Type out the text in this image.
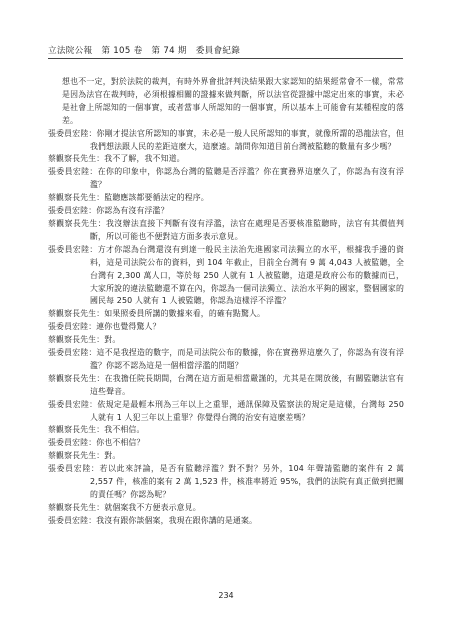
立法院公報　第 105 卷　第 74 期　委員會紀錄

想也不一定，對於法院的裁判，有時外界會批評判決結果跟大家認知的結果經常會不一樣，常常是因為法官在裁判時，必須根據相關的證據來做判斷，所以法官從證據中認定出來的事實，未必是社會上所認知的一個事實，或者當事人所認知的一個事實，所以基本上可能會有某種程度的落差。

張委員宏陸：你剛才提法官所認知的事實，未必是一般人民所認知的事實，就像所謂的恐龍法官，但我們想法跟人民的差距這麼大，這麼遠。請問你知道目前台灣被監聽的數量有多少嗎？

蔡觀察長先生：我不了解，我不知道。

張委員宏陸：在你的印象中，你認為台灣的監聽是否浮濫？你在實務界這麼久了，你認為有沒有浮濫？

蔡觀察長先生：監聽應該都要循法定的程序。

張委員宏陸：你認為有沒有浮濫？

蔡觀察長先生：我沒辦法直接下判斷有沒有浮濫，法官在處理是否要核准監聽時，法官有其價值判斷，所以可能也不便對這方面多表示意見。

張委員宏陸：方才你認為台灣還沒有到達一般民主法治先進國家司法獨立的水平，根據我手邊的資料，這是司法院公布的資料，到 104 年截止，目前全台灣有 9 萬 4,043 人被監聽，全台灣有 2,300 萬人口，等於每 250 人就有 1 人被監聽，這還是政府公布的數據而已，大家所說的違法監聽還不算在內，你認為一個司法獨立、法治水平夠的國家，整個國家的國民每 250 人就有 1 人被監聽，你認為這樣浮不浮濫？

蔡觀察長先生：如果照委員所講的數據來看，的確有點驚人。

張委員宏陸：連你也覺得驚人？

蔡觀察長先生：對。

張委員宏陸：這不是我捏造的數字，而是司法院公布的數據，你在實務界這麼久了，你認為有沒有浮濫？你認不認為這是一個相當浮濫的問題？

蔡觀察長先生：在我擔任院長期間，台灣在這方面是相當嚴謹的，尤其是在開放後，有關監聽法官有這些聲音。

張委員宏陸：依規定是最輕本刑為三年以上之重罪，通訊保障及監察法的規定是這樣，台灣每 250 人就有 1 人犯三年以上重罪？你覺得台灣的治安有這麼差嗎？

蔡觀察長先生：我不相信。

張委員宏陸：你也不相信？

蔡觀察長先生：對。

張委員宏陸：若以此來評論，是否有監聽浮濫？對不對？另外，104 年聲請監聽的案件有 2 萬 2,557 件，核准的案有 2 萬 1,523 件，核准率將近 95%，我們的法院有真正做到把關的責任嗎？你認為呢？

蔡觀察長先生：就個案我不方便表示意見。

張委員宏陸：我沒有跟你談個案，我現在跟你講的是通案。

234
